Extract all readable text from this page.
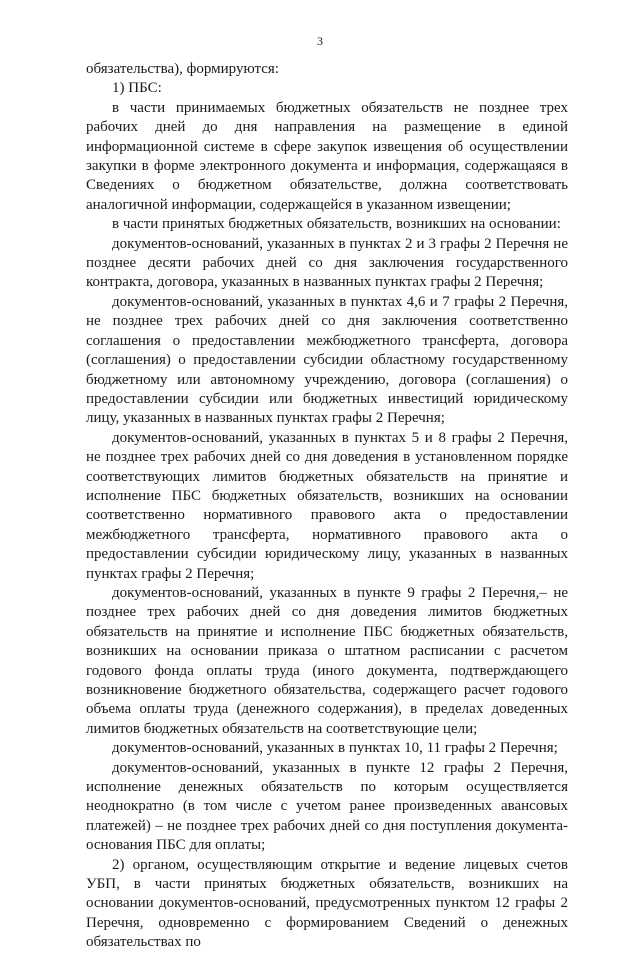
3

обязательства), формируются:

1) ПБС:

в части принимаемых бюджетных обязательств не позднее трех рабочих дней до дня направления на размещение в единой информационной системе в сфере закупок извещения об осуществлении закупки в форме электронного документа и информация, содержащаяся в Сведениях о бюджетном обязательстве, должна соответствовать аналогичной информации, содержащейся в указанном извещении;

в части принятых бюджетных обязательств, возникших на основании:

документов-оснований, указанных в пунктах 2 и 3 графы 2 Перечня не позднее десяти рабочих дней со дня заключения государственного контракта, договора, указанных в названных пунктах графы 2 Перечня;

документов-оснований, указанных в пунктах 4,6 и 7 графы 2 Перечня, не позднее трех рабочих дней со дня заключения соответственно соглашения о предоставлении межбюджетного трансферта, договора (соглашения) о предоставлении субсидии областному государственному бюджетному или автономному учреждению, договора (соглашения) о предоставлении субсидии или бюджетных инвестиций юридическому лицу, указанных в названных пунктах графы 2 Перечня;

документов-оснований, указанных в пунктах 5 и 8 графы 2 Перечня, не позднее трех рабочих дней со дня доведения в установленном порядке соответствующих лимитов бюджетных обязательств на принятие и исполнение ПБС бюджетных обязательств, возникших на основании соответственно нормативного правового акта о предоставлении межбюджетного трансферта, нормативного правового акта о предоставлении субсидии юридическому лицу, указанных в названных пунктах графы 2 Перечня;

документов-оснований, указанных в пункте 9 графы 2 Перечня,– не позднее трех рабочих дней со дня доведения лимитов бюджетных обязательств на принятие и исполнение ПБС бюджетных обязательств, возникших на основании приказа о штатном расписании с расчетом годового фонда оплаты труда (иного документа, подтверждающего возникновение бюджетного обязательства, содержащего расчет годового объема оплаты труда (денежного содержания), в пределах доведенных лимитов бюджетных обязательств на соответствующие цели;

документов-оснований, указанных в пунктах 10, 11 графы 2 Перечня;

документов-оснований, указанных в пункте 12 графы 2 Перечня, исполнение денежных обязательств по которым осуществляется неоднократно (в том числе с учетом ранее произведенных авансовых платежей) – не позднее трех рабочих дней со дня поступления документа-основания ПБС для оплаты;

2) органом, осуществляющим открытие и ведение лицевых счетов УБП, в части принятых бюджетных обязательств, возникших на основании документов-оснований, предусмотренных пунктом 12 графы 2 Перечня, одновременно с формированием Сведений о денежных обязательствах по
